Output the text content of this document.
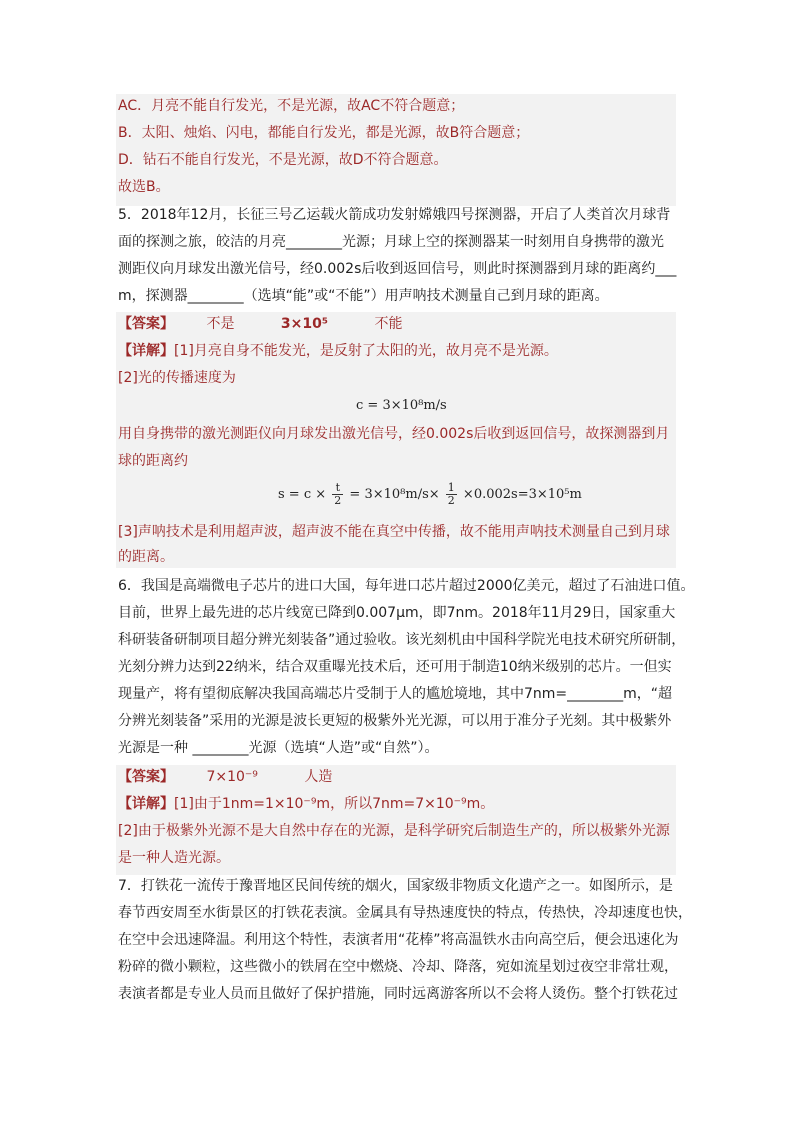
AC．月亮不能自行发光，不是光源，故AC不符合题意；
B．太阳、烛焰、闪电，都能自行发光，都是光源，故B符合题意；
D．钻石不能自行发光，不是光源，故D不符合题意。
故选B。
5．2018年12月，长征三号乙运载火箭成功发射嫦娥四号探测器，开启了人类首次月球背
面的探测之旅，皎洁的月亮________光源；月球上空的探测器某一时刻用自身携带的激光
测距仪向月球发出激光信号，经0.002s后收到返回信号，则此时探测器到月球的距离约___
m，探测器________（选填“能”或“不能”）用声呐技术测量自己到月球的距离。
【答案】 不是	3×10⁵	不能
【详解】[1]月亮自身不能发光，是反射了太阳的光，故月亮不是光源。
[2]光的传播速度为
c = 3×10⁸m/s
用自身携带的激光测距仪向月球发出激光信号，经0.002s后收到返回信号，故探测器到月
球的距离约
$s = c \times \frac{t}{2} = 3\times 10^8m/s\times \frac{1}{2} \times 0.002s=3\times 10^5m$
[3]声呐技术是利用超声波，超声波不能在真空中传播，故不能用声呐技术测量自己到月球
的距离。
6．我国是高端微电子芯片的进口大国，每年进口芯片超过2000亿美元，超过了石油进口值。
目前，世界上最先进的芯片线宽已降到0.007μm，即7nm。2018年11月29日，国家重大
科研装备研制项目超分辨光刻装备”通过验收。该光刻机由中国科学院光电技术研究所研制，
光刻分辨力达到22纳米，结合双重曝光技术后，还可用于制造10纳米级别的芯片。一但实
现量产，将有望彻底解决我国高端芯片受制于人的尴尬境地，其中7nm=________m，“超
分辨光刻装备”采用的光源是波长更短的极紫外光光源，可以用于准分子光刻。其中极紫外
光源是一种 ________光源（选填“人造”或“自然”）。
【答案】 7×10⁻⁹	人造
【详解】[1]由于1nm=1×10⁻⁹m，所以7nm=7×10⁻⁹m。
[2]由于极紫外光源不是大自然中存在的光源，是科学研究后制造生产的，所以极紫外光源
是一种人造光源。
7．打铁花一流传于豫晋地区民间传统的烟火，国家级非物质文化遗产之一。如图所示，是
春节西安周至水街景区的打铁花表演。金属具有导热速度快的特点，传热快，冷却速度也快，
在空中会迅速降温。利用这个特性，表演者用“花棒”将高温铁水击向高空后，便会迅速化为
粉碎的微小颗粒，这些微小的铁屑在空中燃烧、冷却、降落，宛如流星划过夜空非常壮观，
表演者都是专业人员而且做好了保护措施，同时远离游客所以不会将人烫伤。整个打铁花过
